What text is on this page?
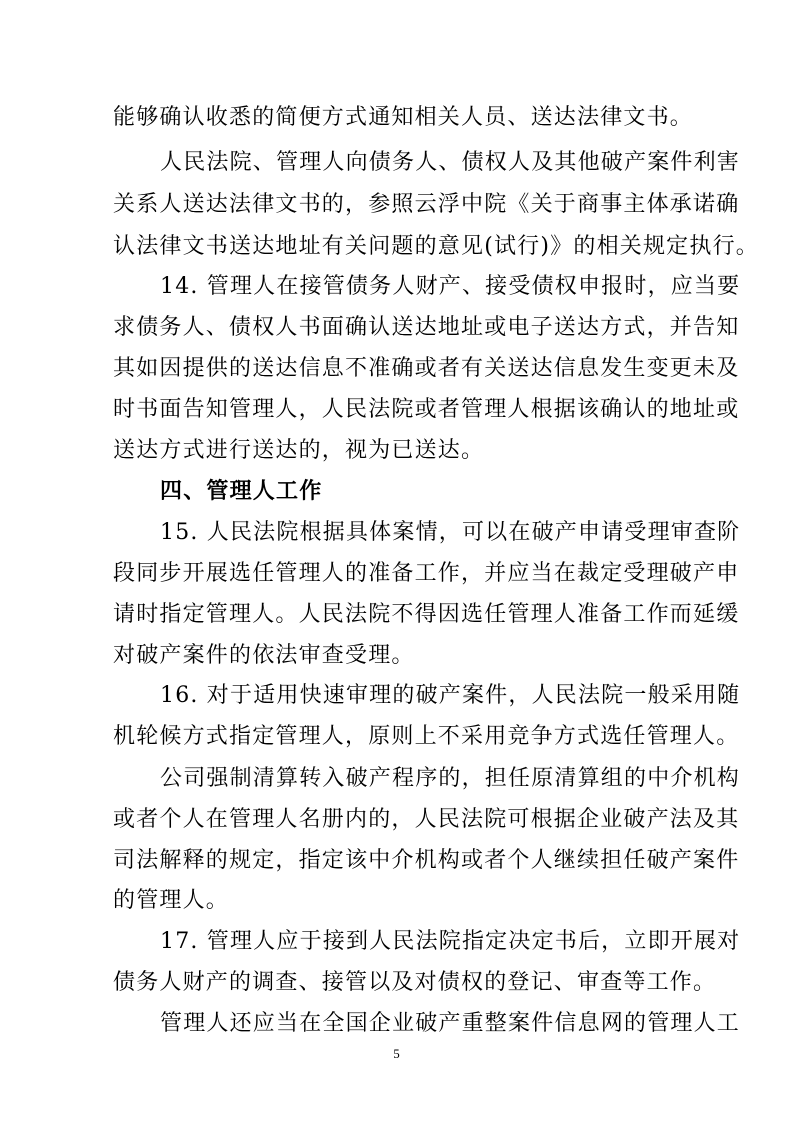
能够确认收悉的简便方式通知相关人员、送达法律文书。
人民法院、管理人向债务人、债权人及其他破产案件利害
关系人送达法律文书的，参照云浮中院《关于商事主体承诺确
认法律文书送达地址有关问题的意见(试行)》的相关规定执行。
14. 管理人在接管债务人财产、接受债权申报时，应当要
求债务人、债权人书面确认送达地址或电子送达方式，并告知
其如因提供的送达信息不准确或者有关送达信息发生变更未及
时书面告知管理人，人民法院或者管理人根据该确认的地址或
送达方式进行送达的，视为已送达。
四、管理人工作
15. 人民法院根据具体案情，可以在破产申请受理审查阶
段同步开展选任管理人的准备工作，并应当在裁定受理破产申
请时指定管理人。人民法院不得因选任管理人准备工作而延缓
对破产案件的依法审查受理。
16. 对于适用快速审理的破产案件，人民法院一般采用随
机轮候方式指定管理人，原则上不采用竞争方式选任管理人。
公司强制清算转入破产程序的，担任原清算组的中介机构
或者个人在管理人名册内的，人民法院可根据企业破产法及其
司法解释的规定，指定该中介机构或者个人继续担任破产案件
的管理人。
17. 管理人应于接到人民法院指定决定书后，立即开展对
债务人财产的调查、接管以及对债权的登记、审查等工作。
管理人还应当在全国企业破产重整案件信息网的管理人工
5
